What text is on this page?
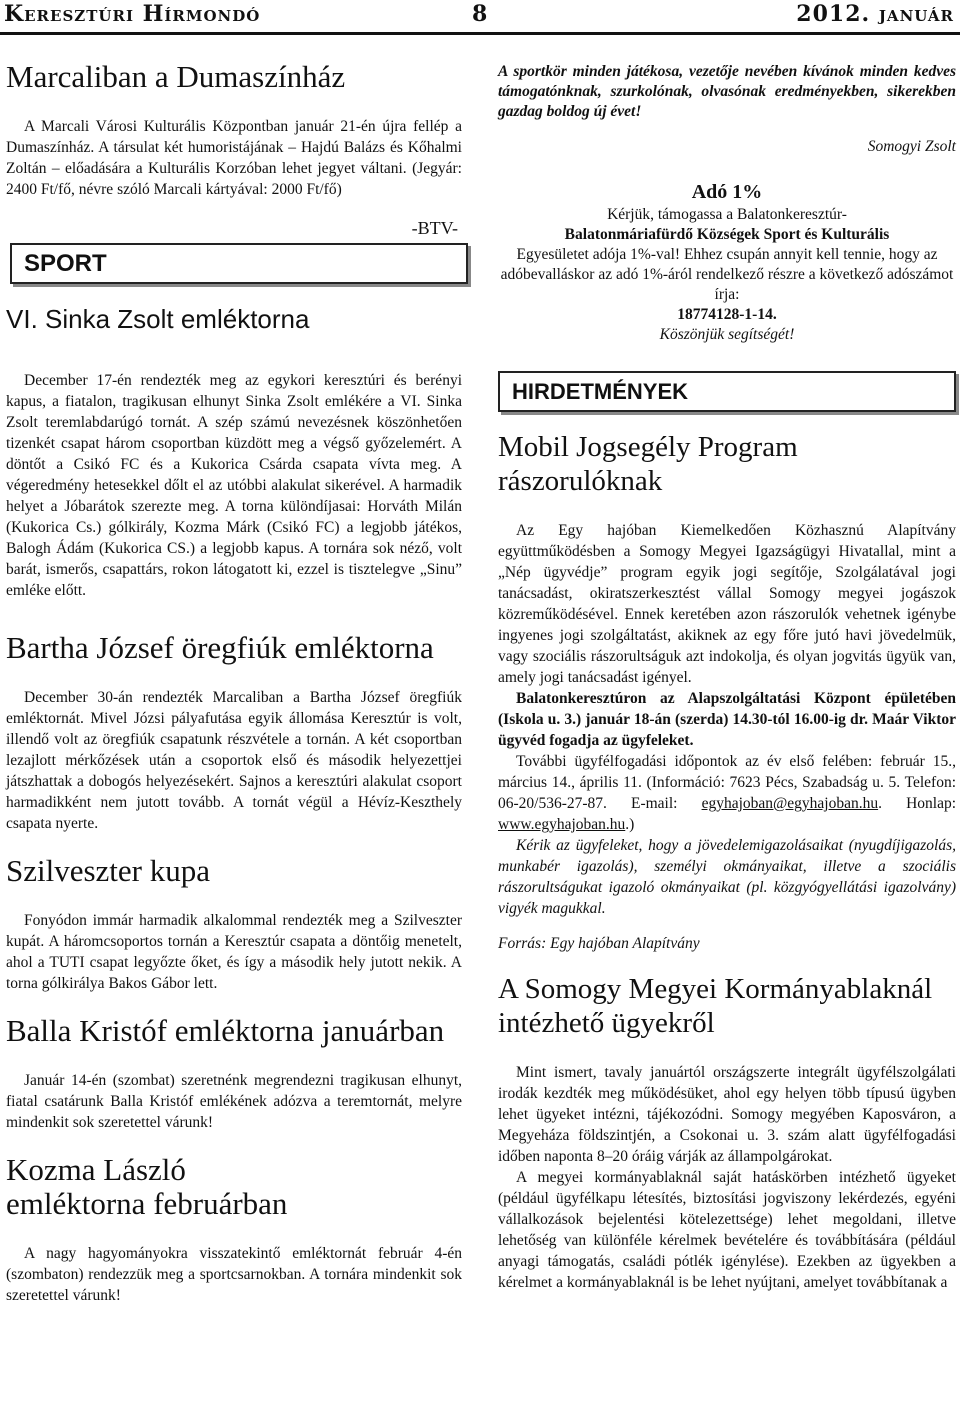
Keresztúri Hírmondó	8	2012. január
Marcaliban a Dumaszínház

A Marcali Városi Kulturális Központban január 21-én újra fellép a Dumaszínház. A társulat két humoristájának – Hajdú Balázs és Kőhalmi Zoltán – előadására a Kulturális Korzóban lehet jegyet váltani. (Jegyár: 2400 Ft/fő, névre szóló Marcali kártyával: 2000 Ft/fő)

-BTV-
SPORT
VI. Sinka Zsolt emléktorna

December 17-én rendezték meg az egykori keresztúri és berényi kapus, a fiatalon, tragikusan elhunyt Sinka Zsolt emlékére a VI. Sinka Zsolt teremlabdarúgó tornát. A szép számú nevezésnek köszönhetően tizenkét csapat három csoportban küzdött meg a végső győzelemért. A döntőt a Csikó FC és a Kukorica Csárda csapata vívta meg. A végeredmény hetesekkel dőlt el az utóbbi alakulat sikerével. A harmadik helyet a Jóbarátok szerezte meg. A torna különdíjasai: Horváth Milán (Kukorica Cs.) gólkirály, Kozma Márk (Csikó FC) a legjobb játékos, Balogh Ádám (Kukorica CS.) a legjobb kapus. A tornára sok néző, volt barát, ismerős, csapattárs, rokon látogatott ki, ezzel is tisztelegve „Sinu” emléke előtt.

Bartha József öregfiúk emléktorna

December 30-án rendezték Marcaliban a Bartha József öregfiúk emléktornát. Mivel Józsi pályafutása egyik állomása Keresztúr is volt, illendő volt az öregfiúk csapatunk részvétele a tornán. A két csoportban lezajlott mérkőzések után a csoportok első és második helyezettjei játszhattak a dobogós helyezésekért. Sajnos a keresztúri alakulat csoport harmadikként nem jutott tovább. A tornát végül a Hévíz-Keszthely csapata nyerte.

Szilveszter kupa

Fonyódon immár harmadik alkalommal rendezték meg a Szilveszter kupát. A háromcsoportos tornán a Keresztúr csapata a döntőig menetelt, ahol a TUTI csapat legyőzte őket, és így a második hely jutott nekik. A torna gólkirálya Bakos Gábor lett.

Balla Kristóf emléktorna januárban

Január 14-én (szombat) szeretnénk megrendezni tragikusan elhunyt, fiatal csatárunk Balla Kristóf emlékének adózva a teremtornát, melyre mindenkit sok szeretettel várunk!

Kozma László emléktorna februárban

A nagy hagyományokra visszatekintő emléktornát február 4-én (szombaton) rendezzük meg a sportcsarnokban. A tornára mindenkit sok szeretettel várunk!

A sportkör minden játékosa, vezetője nevében kívánok minden kedves támogatónknak, szurkolónak, olvasónak eredményekben, sikerekben gazdag boldog új évet!

Somogyi Zsolt
Adó 1%
Kérjük, támogassa a Balatonkeresztúr-
Balatonmáriafürdő Községek Sport és Kulturális
Egyesületet adója 1%-val! Ehhez csupán annyit kell tennie, hogy az adóbevalláskor az adó 1%-áról rendelkező részre a következő adószámot írja:
18774128-1-14.
Köszönjük segítségét!
HIRDETMÉNYEK
Mobil Jogsegély Program rászorulóknak

Az Egy hajóban Kiemelkedően Közhasznú Alapítvány együttműködésben a Somogy Megyei Igazságügyi Hivatallal, mint a „Nép ügyvédje” program egyik jogi segítője, Szolgálatával jogi tanácsadást, okiratszerkesztést vállal Somogy megyei jogászok közreműködésével. Ennek keretében azon rászorulók vehetnek igénybe ingyenes jogi szolgáltatást, akiknek az egy főre jutó havi jövedelmük, vagy szociális rászorultságuk azt indokolja, és olyan jogvitás ügyük van, amely jogi tanácsadást igényel.

Balatonkeresztúron az Alapszolgáltatási Központ épületében (Iskola u. 3.) január 18-án (szerda) 14.30-tól 16.00-ig dr. Maár Viktor ügyvéd fogadja az ügyfeleket.

További ügyfélfogadási időpontok az év első felében: február 15., március 14., április 11. (Információ: 7623 Pécs, Szabadság u. 5. Telefon: 06-20/536-27-87. E-mail: egyhajoban@egyhajoban.hu. Honlap: www.egyhajoban.hu.)

Kérik az ügyfeleket, hogy a jövedelemigazolásaikat (nyugdíjigazolás, munkabér igazolás), személyi okmányaikat, illetve a szociális rászorultságukat igazoló okmányaikat (pl. közgyógyellátási igazolvány) vigyék magukkal.

Forrás: Egy hajóban Alapítvány

A Somogy Megyei Kormányablaknál intézhető ügyekről

Mint ismert, tavaly januártól országszerte integrált ügyfélszolgálati irodák kezdték meg működésüket, ahol egy helyen több típusú ügyben lehet ügyeket intézni, tájékozódni. Somogy megyében Kaposváron, a Megyeháza földszintjén, a Csokonai u. 3. szám alatt ügyfélfogadási időben naponta 8–20 óráig várják az állampolgárokat.

A megyei kormányablaknál saját hatáskörben intézhető ügyeket (például ügyfélkapu létesítés, biztosítási jogviszony lekérdezés, egyéni vállalkozások bejelentési kötelezettsége) lehet megoldani, illetve lehetőség van különféle kérelmek bevételére és továbbítására (például anyagi támogatás, családi pótlék igénylése). Ezekben az ügyekben a kérelmet a kormányablaknál is be lehet nyújtani, amelyet továbbítanak a
